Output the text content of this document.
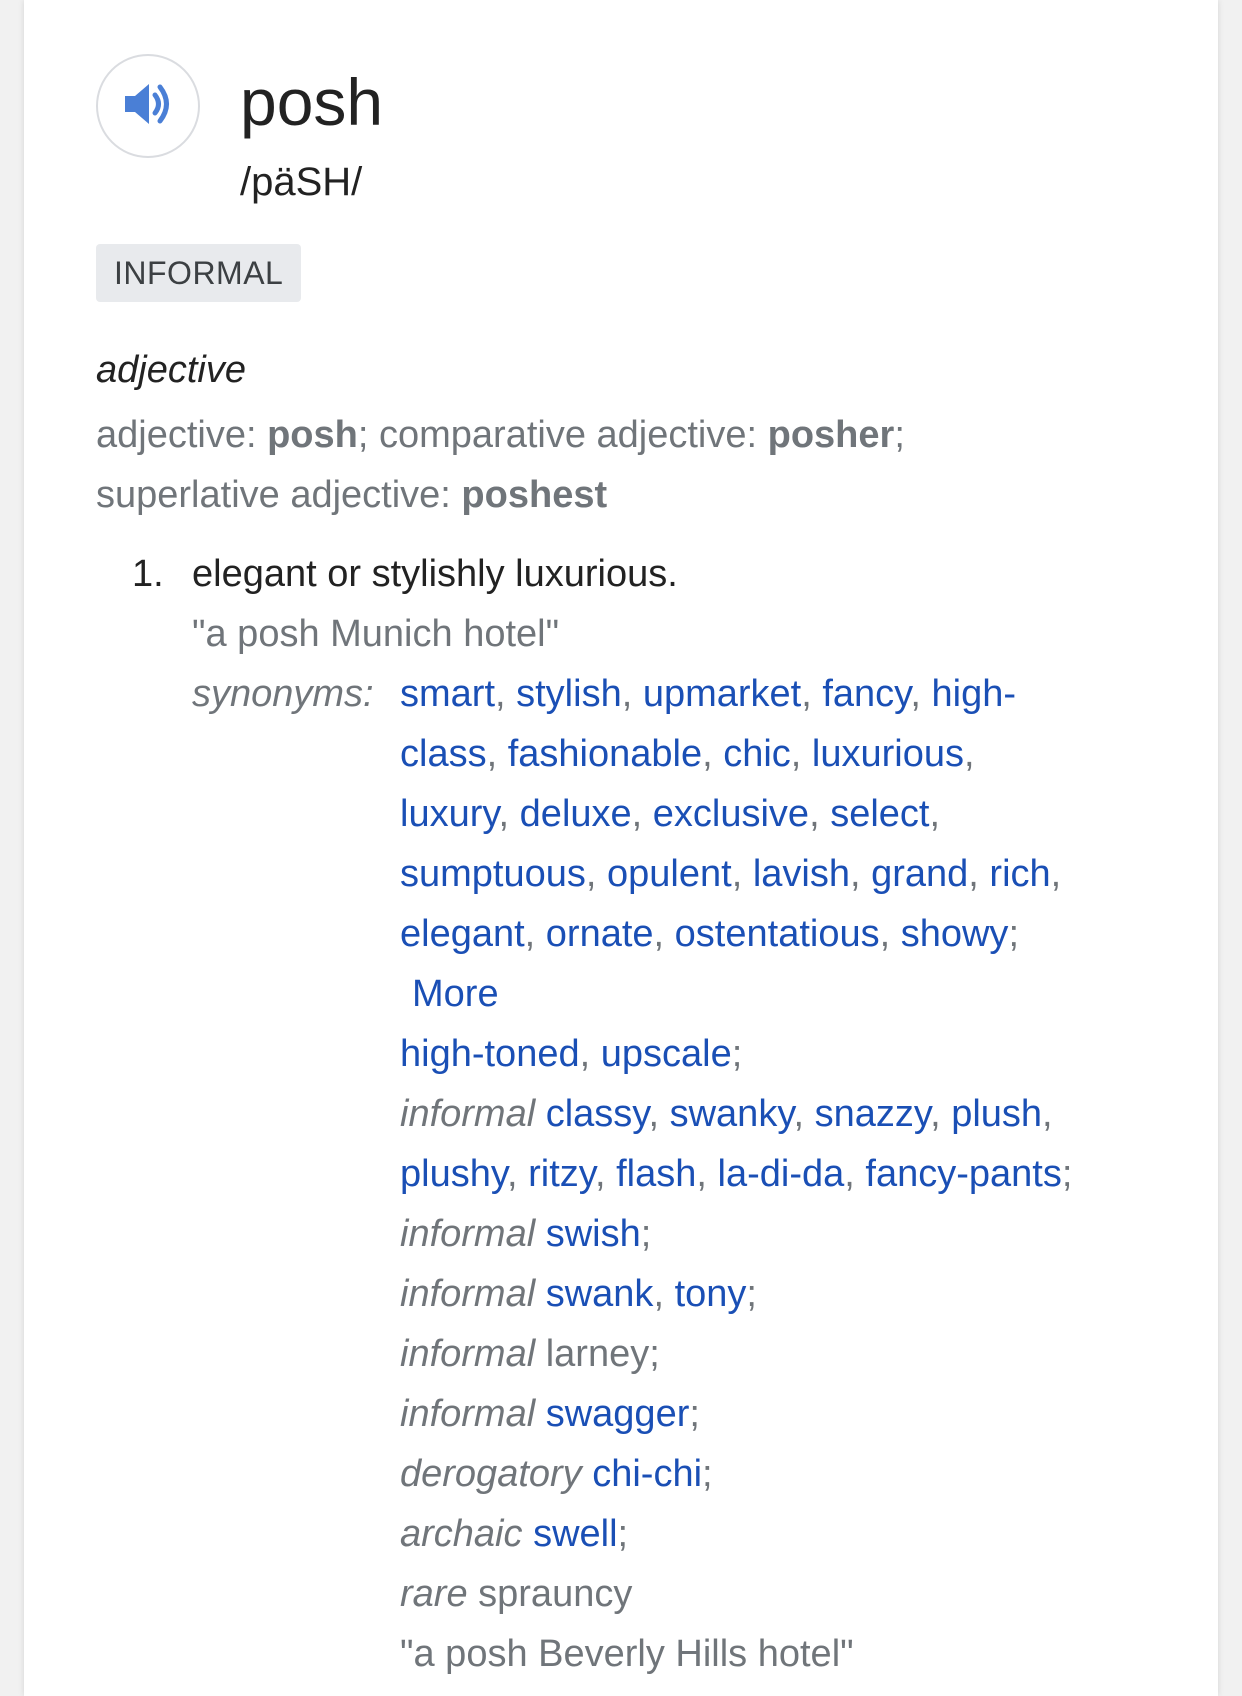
posh
/päSH/
INFORMAL
adjective
adjective: posh; comparative adjective: posher;
superlative adjective: poshest
1. elegant or stylishly luxurious.
"a posh Munich hotel"
synonyms: smart, stylish, upmarket, fancy, high-
class, fashionable, chic, luxurious,
luxury, deluxe, exclusive, select,
sumptuous, opulent, lavish, grand, rich,
elegant, ornate, ostentatious, showy;
More
high-toned, upscale;
informal classy, swanky, snazzy, plush,
plushy, ritzy, flash, la-di-da, fancy-pants;
informal swish;
informal swank, tony;
informal larney;
informal swagger;
derogatory chi-chi;
archaic swell;
rare sprauncy
"a posh Beverly Hills hotel"
